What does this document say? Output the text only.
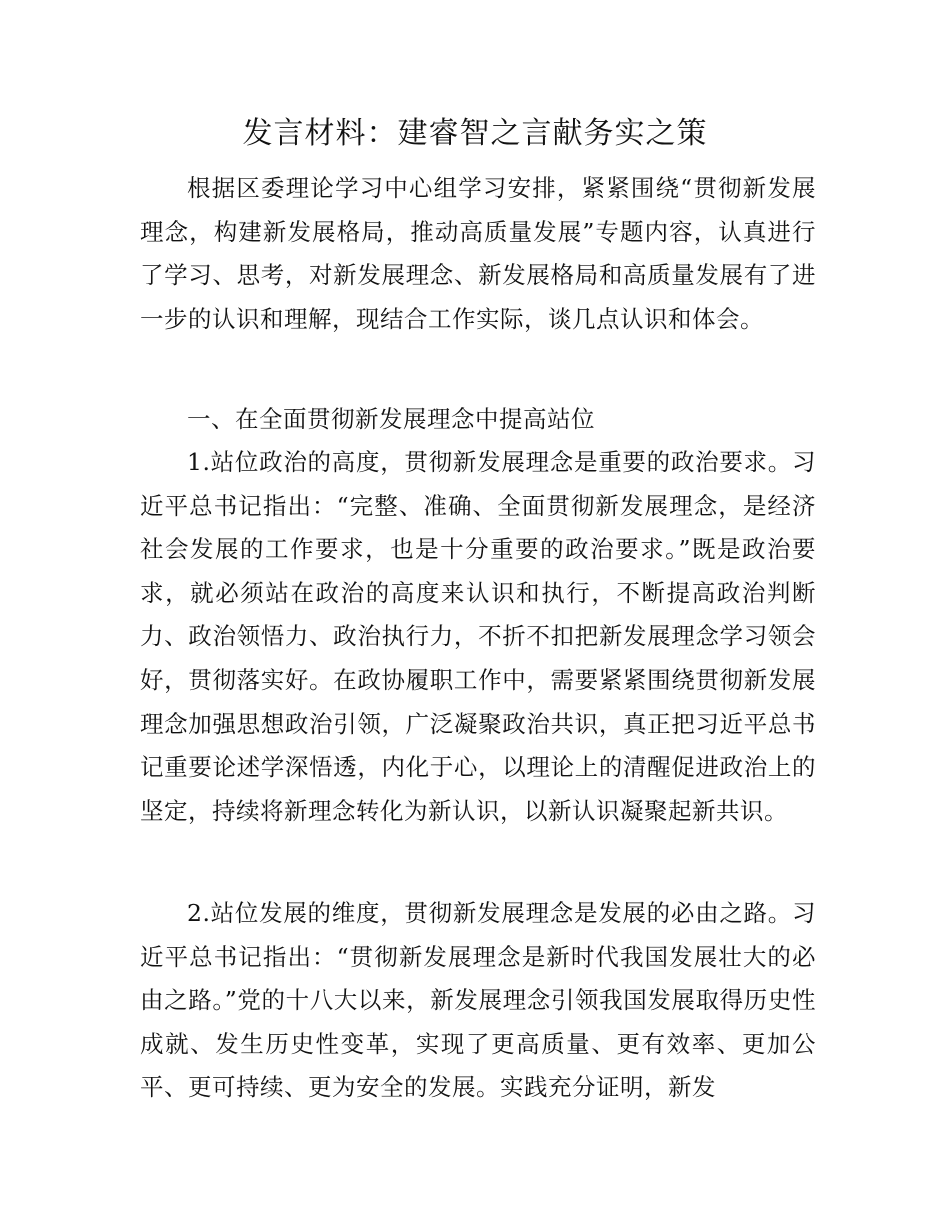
发言材料：建睿智之言献务实之策

根据区委理论学习中心组学习安排，紧紧围绕“贯彻新发展理念，构建新发展格局，推动高质量发展”专题内容，认真进行了学习、思考，对新发展理念、新发展格局和高质量发展有了进一步的认识和理解，现结合工作实际，谈几点认识和体会。

一、在全面贯彻新发展理念中提高站位

1.站位政治的高度，贯彻新发展理念是重要的政治要求。习近平总书记指出：“完整、准确、全面贯彻新发展理念，是经济社会发展的工作要求，也是十分重要的政治要求。”既是政治要求，就必须站在政治的高度来认识和执行，不断提高政治判断力、政治领悟力、政治执行力，不折不扣把新发展理念学习领会好，贯彻落实好。在政协履职工作中，需要紧紧围绕贯彻新发展理念加强思想政治引领，广泛凝聚政治共识，真正把习近平总书记重要论述学深悟透，内化于心，以理论上的清醒促进政治上的坚定，持续将新理念转化为新认识，以新认识凝聚起新共识。

2.站位发展的维度，贯彻新发展理念是发展的必由之路。习近平总书记指出：“贯彻新发展理念是新时代我国发展壮大的必由之路。”党的十八大以来，新发展理念引领我国发展取得历史性成就、发生历史性变革，实现了更高质量、更有效率、更加公平、更可持续、更为安全的发展。实践充分证明，新发
